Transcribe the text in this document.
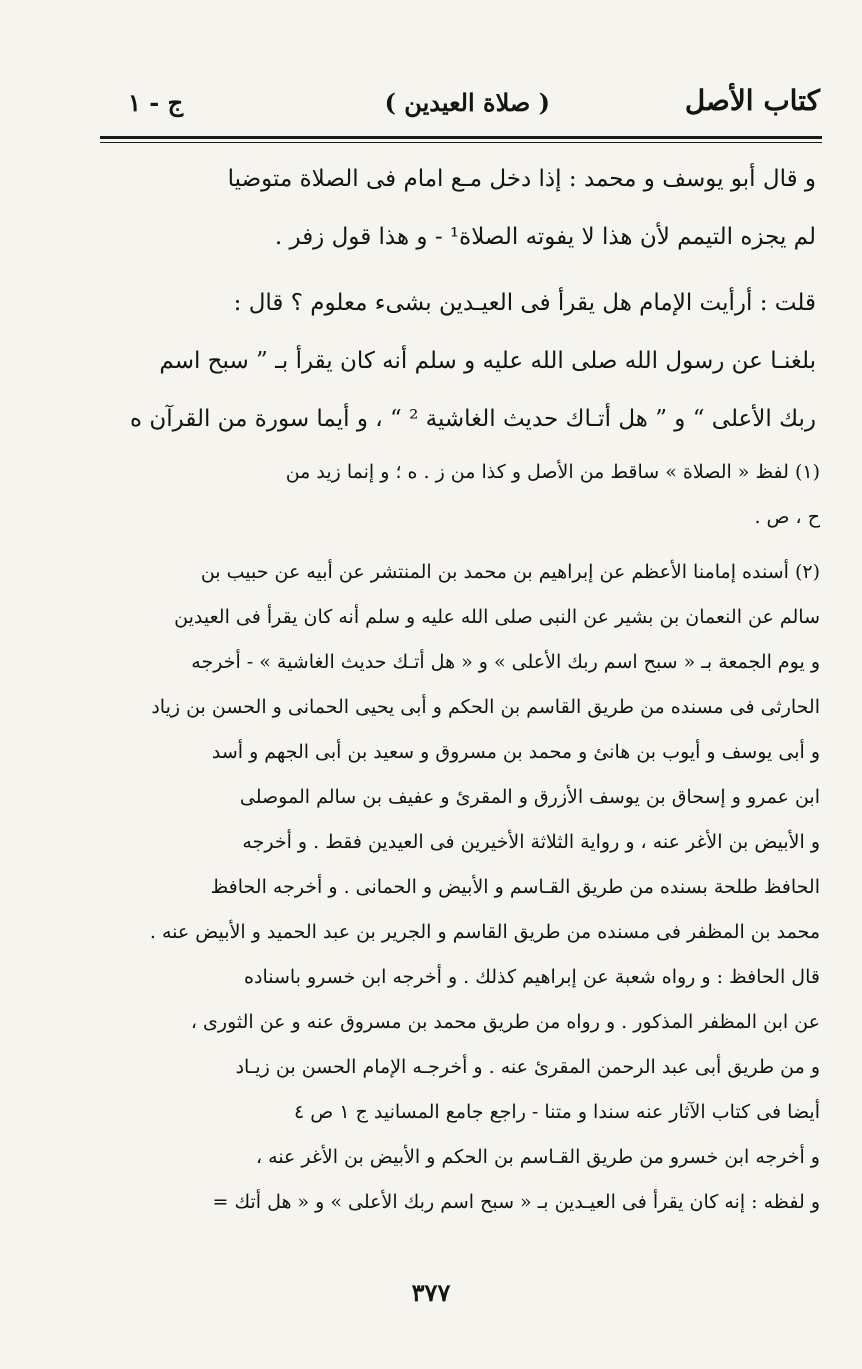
كتاب الأصل
( صلاة العيدين )
ج - ١
و قال أبو يوسف و محمد : إذا دخل مـع امام فى الصلاة متوضيا
لم يجزه التيمم لأن هذا لا يفوته الصلاة¹ - و هذا قول زفر .
قلت : أرأيت الإمام هل يقرأ فى العيـدين بشىء معلوم ؟ قال :
بلغنـا عن رسول الله صلى الله عليه و سلم أنه كان يقرأ بـ ” سبح اسم
ربك الأعلى “ و ” هل أتـاك حديث الغاشية ² “ ، و أيما سورة من القرآن ه
(١) لفظ « الصلاة » ساقط من الأصل و كذا من ز . ه ؛ و إنما زيد من
ح ، ص .
(٢) أسنده إمامنا الأعظم عن إبراهيم بن محمد بن المنتشر عن أبيه عن حبيب بن
سالم عن النعمان بن بشير عن النبى صلى الله عليه و سلم أنه كان يقرأ فى العيدين
و يوم الجمعة بـ « سبح اسم ربك الأعلى » و « هل أتـك حديث الغاشية » - أخرجه
الحارثى فى مسنده من طريق القاسم بن الحكم و أبى يحيى الحمانى و الحسن بن زياد
و أبى يوسف و أيوب بن هانئ و محمد بن مسروق و سعيد بن أبى الجهم و أسد
ابن عمرو و إسحاق بن يوسف الأزرق و المقرئ و عفيف بن سالم الموصلى
و الأبيض بن الأغر عنه ، و رواية الثلاثة الأخيرين فى العيدين فقط . و أخرجه
الحافظ طلحة بسنده من طريق القـاسم و الأبيض و الحمانى . و أخرجه الحافظ
محمد بن المظفر فى مسنده من طريق القاسم و الجرير بن عبد الحميد و الأبيض عنه .
قال الحافظ : و رواه شعبة عن إبراهيم كذلك . و أخرجه ابن خسرو باسناده
عن ابن المظفر المذكور . و رواه من طريق محمد بن مسروق عنه و عن الثورى ،
و من طريق أبى عبد الرحمن المقرئ عنه . و أخرجـه الإمام الحسن بن زيـاد
أيضا فى كتاب الآثار عنه سندا و متنا - راجع جامع المسانيد ج ١ ص ٤
و أخرجه ابن خسرو من طريق القـاسم بن الحكم و الأبيض بن الأغر عنه ،
و لفظه : إنه كان يقرأ فى العيـدين بـ « سبح اسم ربك الأعلى » و « هل أتك =
٣٧٧
